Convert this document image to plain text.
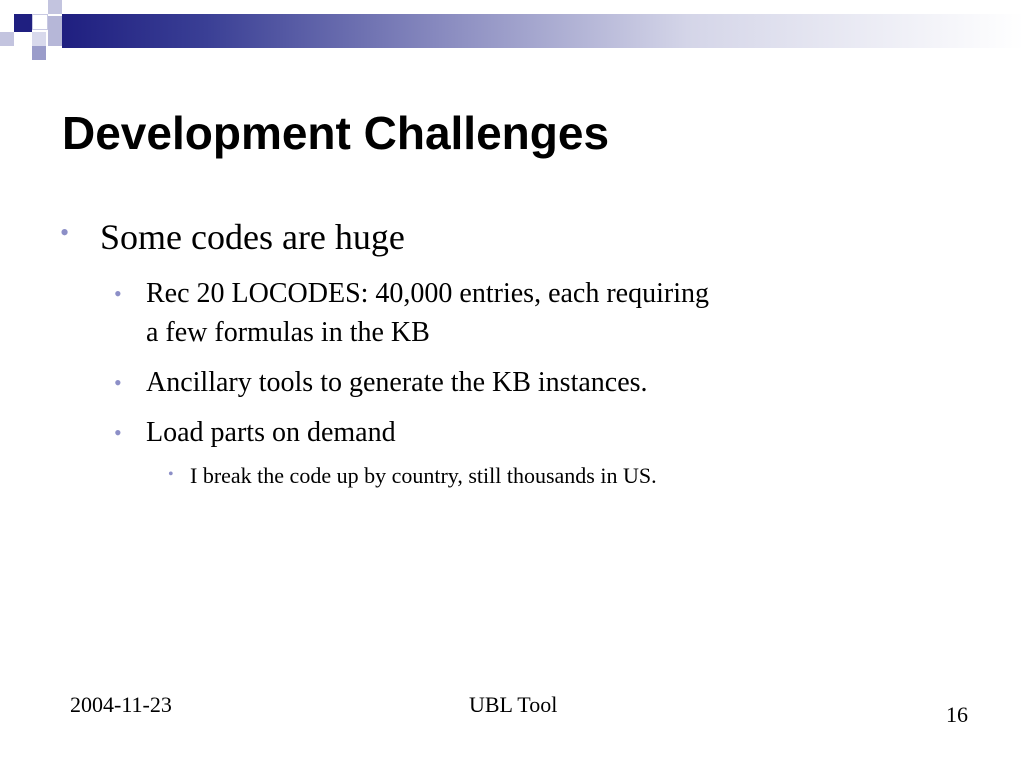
Development Challenges
• Some codes are huge
• Rec 20 LOCODES: 40,000 entries, each requiring
a few formulas in the KB
• Ancillary tools to generate the KB instances.
• Load parts on demand
• I break the code up by country, still thousands in US.
2004-11-23	UBL Tool	16
